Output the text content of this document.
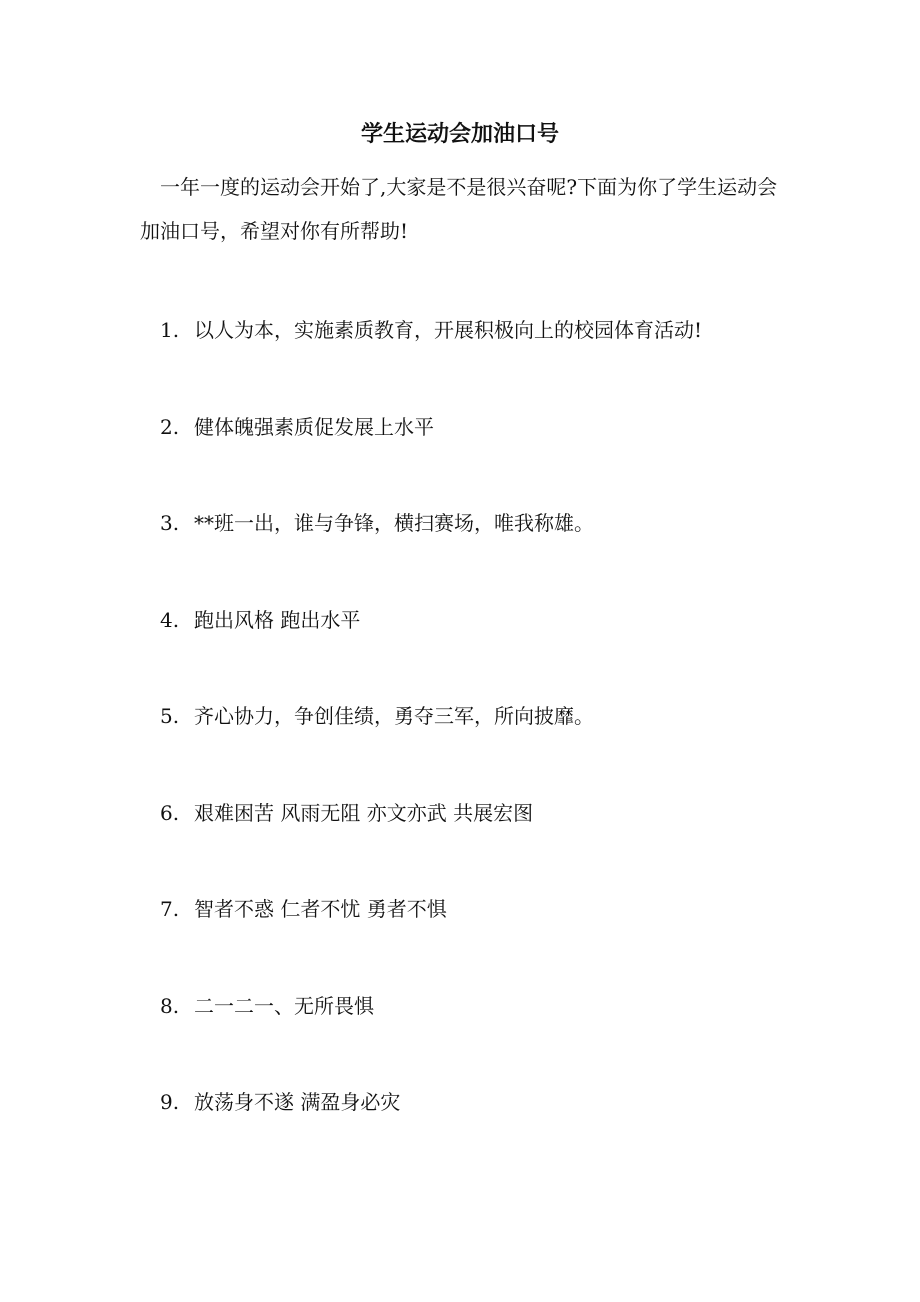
学生运动会加油口号
一年一度的运动会开始了,大家是不是很兴奋呢?下面为你了学生运动会加油口号，希望对你有所帮助!
1. 以人为本，实施素质教育，开展积极向上的校园体育活动!
2. 健体魄强素质促发展上水平
3. **班一出，谁与争锋，横扫赛场，唯我称雄。
4. 跑出风格 跑出水平
5. 齐心协力，争创佳绩，勇夺三军，所向披靡。
6. 艰难困苦 风雨无阻 亦文亦武 共展宏图
7. 智者不惑 仁者不忧 勇者不惧
8. 二一二一、无所畏惧
9. 放荡身不遂 满盈身必灾
